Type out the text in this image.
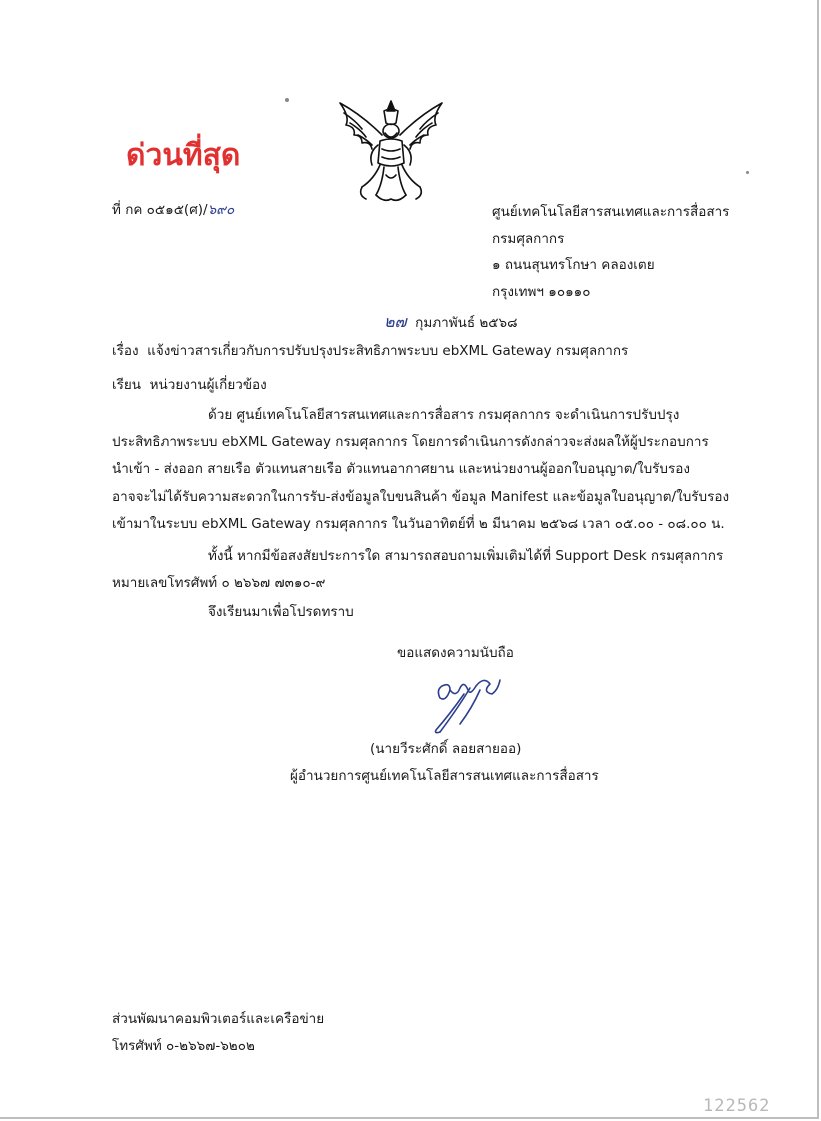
ด่วนที่สุด
ที่ กค ๐๕๑๕(ศ)/๖๙๐	ศูนย์เทคโนโลยีสารสนเทศและการสื่อสาร
กรมศุลกากร
๑ ถนนสุนทรโกษา คลองเตย
กรุงเทพฯ ๑๐๑๑๐
๒๗ กุมภาพันธ์ ๒๕๖๘
เรื่อง แจ้งข่าวสารเกี่ยวกับการปรับปรุงประสิทธิภาพระบบ ebXML Gateway กรมศุลกากร
เรียน หน่วยงานผู้เกี่ยวข้อง
ด้วย ศูนย์เทคโนโลยีสารสนเทศและการสื่อสาร กรมศุลกากร จะดำเนินการปรับปรุง
ประสิทธิภาพระบบ ebXML Gateway กรมศุลกากร โดยการดำเนินการดังกล่าวจะส่งผลให้ผู้ประกอบการ
นำเข้า - ส่งออก สายเรือ ตัวแทนสายเรือ ตัวแทนอากาศยาน และหน่วยงานผู้ออกใบอนุญาต/ใบรับรอง
อาจจะไม่ได้รับความสะดวกในการรับ-ส่งข้อมูลใบขนสินค้า ข้อมูล Manifest และข้อมูลใบอนุญาต/ใบรับรอง
เข้ามาในระบบ ebXML Gateway กรมศุลกากร ในวันอาทิตย์ที่ ๒ มีนาคม ๒๕๖๘ เวลา ๐๕.๐๐ - ๐๘.๐๐ น.
ทั้งนี้ หากมีข้อสงสัยประการใด สามารถสอบถามเพิ่มเติมได้ที่ Support Desk กรมศุลกากร
หมายเลขโทรศัพท์ ๐ ๒๖๖๗ ๗๓๑๐-๙
จึงเรียนมาเพื่อโปรดทราบ
ขอแสดงความนับถือ
(นายวีระศักดิ์ ลอยสายออ)
ผู้อำนวยการศูนย์เทคโนโลยีสารสนเทศและการสื่อสาร
ส่วนพัฒนาคอมพิวเตอร์และเครือข่าย
โทรศัพท์ ๐-๒๖๖๗-๖๒๐๒
122562
